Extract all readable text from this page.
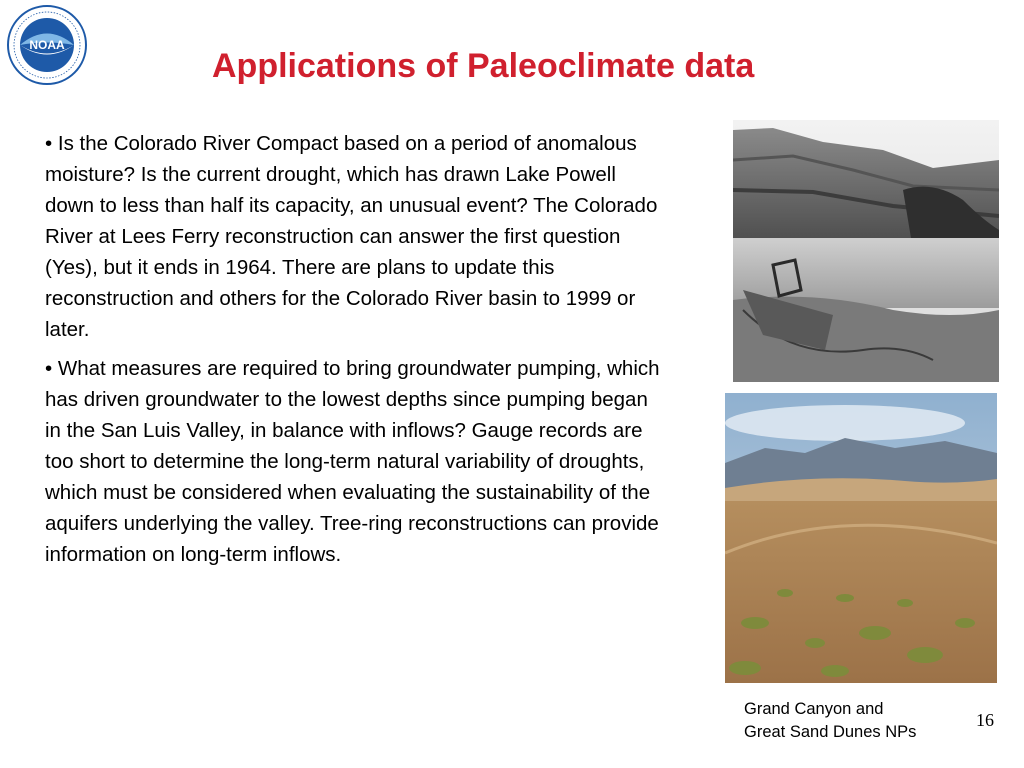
NOAA
Applications of Paleoclimate data

• Is the Colorado River Compact based on a period of anomalous moisture? Is the current drought, which has drawn Lake Powell down to less than half its capacity, an unusual event? The Colorado River at Lees Ferry reconstruction can answer the first question (Yes), but it ends in 1964. There are plans to update this reconstruction and others for the Colorado River basin to 1999 or later.

• What measures are required to bring groundwater pumping, which has driven groundwater to the lowest depths since pumping began in the San Luis Valley, in balance with inflows? Gauge records are too short to determine the long-term natural variability of droughts, which must be considered when evaluating the sustainability of the aquifers underlying the valley. Tree-ring reconstructions can provide information on long-term inflows.

Grand Canyon and
Great Sand Dunes NPs
16
